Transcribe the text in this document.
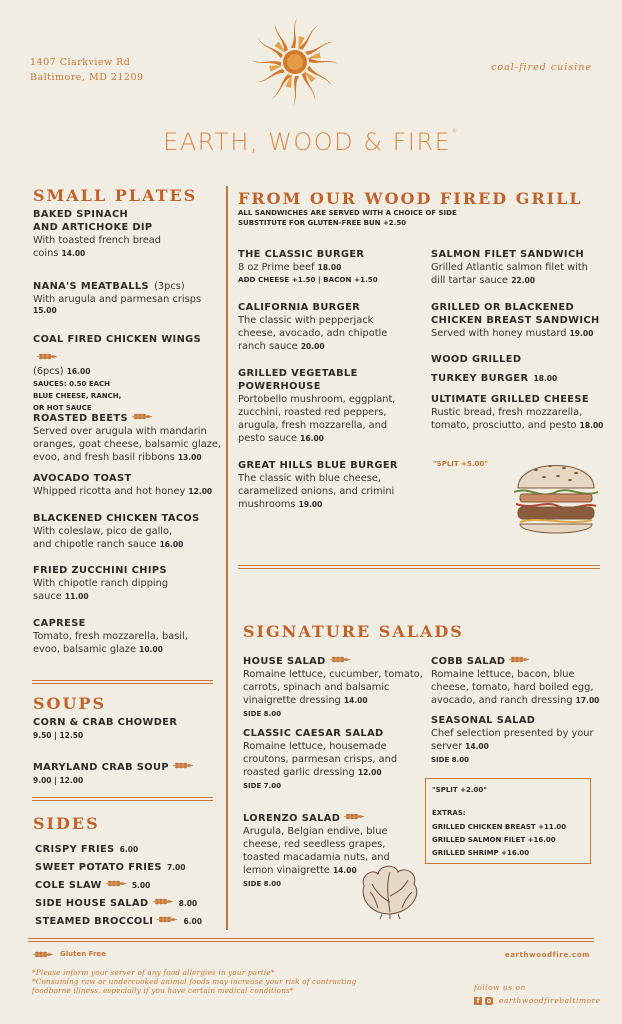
1407 Clarkview Rd
Baltimore, MD 21209
coal-fired cuisine
EARTH, WOOD & FIRE®
SMALL PLATES
BAKED SPINACH
AND ARTICHOKE DIP
With toasted french bread
coins 14.00
NANA'S MEATBALLS (3pcs)
With arugula and parmesan crisps
15.00
COAL FIRED CHICKEN WINGS
(6pcs) 16.00
SAUCES: 0.50 EACH
BLUE CHEESE, RANCH,
OR HOT SAUCE
ROASTED BEETS
Served over arugula with mandarin
oranges, goat cheese, balsamic glaze,
evoo, and fresh basil ribbons 13.00
AVOCADO TOAST
Whipped ricotta and hot honey 12.00
BLACKENED CHICKEN TACOS
With coleslaw, pico de gallo,
and chipotle ranch sauce 16.00
FRIED ZUCCHINI CHIPS
With chipotle ranch dipping
sauce 11.00
CAPRESE
Tomato, fresh mozzarella, basil,
evoo, balsamic glaze 10.00
SOUPS
CORN & CRAB CHOWDER
9.50 | 12.50
MARYLAND CRAB SOUP
9.00 | 12.00
SIDES
CRISPY FRIES 6.00
SWEET POTATO FRIES 7.00
COLE SLAW	5.00
SIDE HOUSE SALAD	8.00
STEAMED BROCCOLI	6.00
FROM OUR WOOD FIRED GRILL
ALL SANDWICHES ARE SERVED WITH A CHOICE OF SIDE
SUBSTITUTE FOR GLUTEN-FREE BUN +2.50
THE CLASSIC BURGER
8 oz Prime beef 18.00
ADD CHEESE +1.50 | BACON +1.50
CALIFORNIA BURGER
The classic with pepperjack
cheese, avocado, adn chipotle
ranch sauce 20.00
GRILLED VEGETABLE
POWERHOUSE
Portobello mushroom, eggplant,
zucchini, roasted red peppers,
arugula, fresh mozzarella, and
pesto sauce 16.00
GREAT HILLS BLUE BURGER
The classic with blue cheese,
caramelized onions, and crimini
mushrooms 19.00
SALMON FILET SANDWICH
Grilled Atlantic salmon filet with
dill tartar sauce 22.00
GRILLED OR BLACKENED
CHICKEN BREAST SANDWICH
Served with honey mustard 19.00
WOOD GRILLED
TURKEY BURGER 18.00
ULTIMATE GRILLED CHEESE
Rustic bread, fresh mozzarella,
tomato, prosciutto, and pesto 18.00
"SPLIT +5.00"
SIGNATURE SALADS
HOUSE SALAD
Romaine lettuce, cucumber, tomato,
carrots, spinach and balsamic
vinaigrette dressing 14.00
SIDE 8.00
CLASSIC CAESAR SALAD
Romaine lettuce, housemade
croutons, parmesan crisps, and
roasted garlic dressing 12.00
SIDE 7.00
LORENZO SALAD
Arugula, Belgian endive, blue
cheese, red seedless grapes,
toasted macadamia nuts, and
lemon vinaigrette 14.00
SIDE 8.00
COBB SALAD
Romaine lettuce, bacon, blue
cheese, tomato, hard boiled egg,
avocado, and ranch dressing 17.00
SEASONAL SALAD
Chef selection presented by your
server 14.00
SIDE 8.00
"SPLIT +2.00"
EXTRAS:
GRILLED CHICKEN BREAST +11.00
GRILLED SALMON FILET +16.00
GRILLED SHRIMP +16.00
Gluten Free	earthwoodfire.com
*Please inform your server of any food allergies in your partie*
*Consuming raw or undercooked animal foods may increase your risk of contracting
foodborne illness, especially if you have certain medical conditions*	follow us on
f	earthwoodfirebaltimore
